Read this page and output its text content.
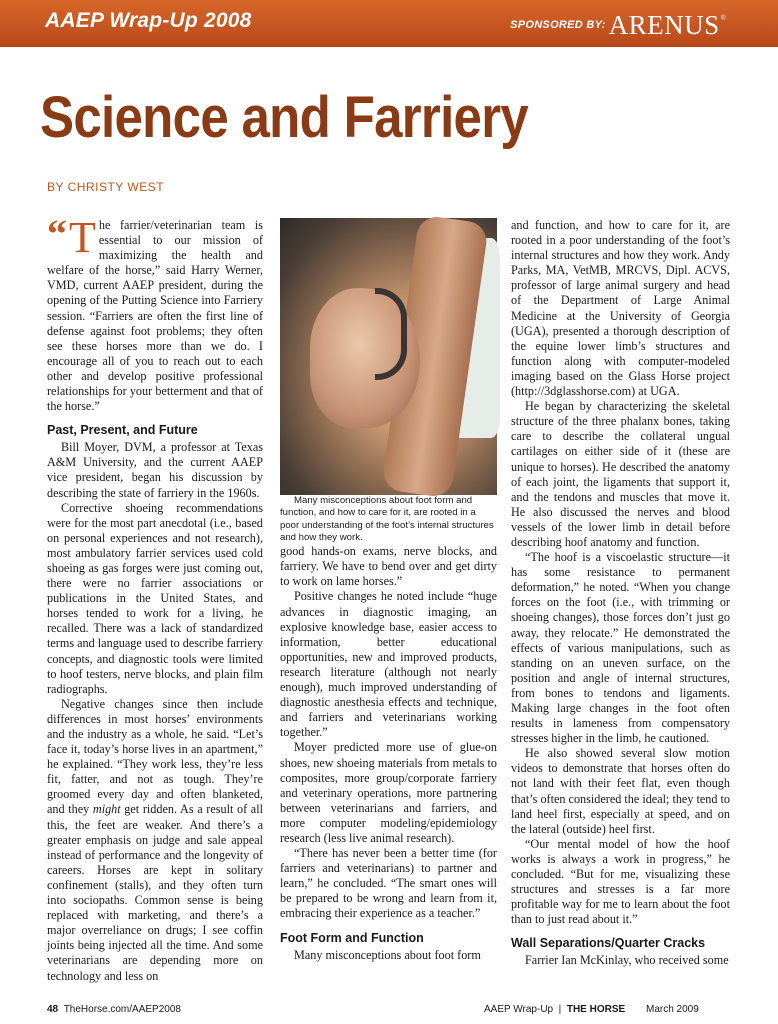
AAEP Wrap-Up 2008	$^{SPONSORED BY:}$ ARENUS®
Science and Farriery
BY CHRISTY WEST

“ T he farrier/veterinarian team is essential to our mission of maximizing the health and welfare of the horse,” said Harry Werner, VMD, current AAEP president, during the opening of the Putting Science into Farriery session. “Farriers are often the first line of defense against foot problems; they often see these horses more than we do. I encourage all of you to reach out to each other and develop positive professional relationships for your betterment and that of the horse.”

Past, Present, and Future

Bill Moyer, DVM, a professor at Texas A&M University, and the current AAEP vice president, began his discussion by describing the state of farriery in the 1960s.

Corrective shoeing recommendations were for the most part anecdotal (i.e., based on personal experiences and not research), most ambulatory farrier services used cold shoeing as gas forges were just coming out, there were no farrier associations or publications in the United States, and horses tended to work for a living, he recalled. There was a lack of standardized terms and language used to describe farriery concepts, and diagnostic tools were limited to hoof testers, nerve blocks, and plain film radiographs.

Negative changes since then include differences in most horses’ environments and the industry as a whole, he said. “Let’s face it, today’s horse lives in an apartment,” he explained. “They work less, they’re less fit, fatter, and not as tough. They’re groomed every day and often blanketed, and they might get ridden. As a result of all this, the feet are weaker. And there’s a greater emphasis on judge and sale appeal instead of performance and the longevity of careers. Horses are kept in solitary confinement (stalls), and they often turn into sociopaths. Common sense is being replaced with marketing, and there’s a major overreliance on drugs; I see coffin joints being injected all the time. And some veterinarians are depending more on technology and less on

PAULA da SILVA

Many misconceptions about foot form and function, and how to care for it, are rooted in a poor understanding of the foot’s internal structures and how they work.

good hands-on exams, nerve blocks, and farriery. We have to bend over and get dirty to work on lame horses.”

Positive changes he noted include “huge advances in diagnostic imaging, an explosive knowledge base, easier access to information, better educational opportunities, new and improved products, research literature (although not nearly enough), much improved understanding of diagnostic anesthesia effects and technique, and farriers and veterinarians working together.”

Moyer predicted more use of glue-on shoes, new shoeing materials from metals to composites, more group/corporate farriery and veterinary operations, more partnering between veterinarians and farriers, and more computer modeling/epidemiology research (less live animal research).

“There has never been a better time (for farriers and veterinarians) to partner and learn,” he concluded. “The smart ones will be prepared to be wrong and learn from it, embracing their experience as a teacher.”

Foot Form and Function

Many misconceptions about foot form

and function, and how to care for it, are rooted in a poor understanding of the foot’s internal structures and how they work. Andy Parks, MA, VetMB, MRCVS, Dipl. ACVS, professor of large animal surgery and head of the Department of Large Animal Medicine at the University of Georgia (UGA), presented a thorough description of the equine lower limb’s structures and function along with computer-modeled imaging based on the Glass Horse project (http://3dglasshorse.com) at UGA.

He began by characterizing the skeletal structure of the three phalanx bones, taking care to describe the collateral ungual cartilages on either side of it (these are unique to horses). He described the anatomy of each joint, the ligaments that support it, and the tendons and muscles that move it. He also discussed the nerves and blood vessels of the lower limb in detail before describing hoof anatomy and function.

“The hoof is a viscoelastic structure—it has some resistance to permanent deformation,” he noted. “When you change forces on the foot (i.e., with trimming or shoeing changes), those forces don’t just go away, they relocate.” He demonstrated the effects of various manipulations, such as standing on an uneven surface, on the position and angle of internal structures, from bones to tendons and ligaments. Making large changes in the foot often results in lameness from compensatory stresses higher in the limb, he cautioned.

He also showed several slow motion videos to demonstrate that horses often do not land with their feet flat, even though that’s often considered the ideal; they tend to land heel first, especially at speed, and on the lateral (outside) heel first.

“Our mental model of how the hoof works is always a work in progress,” he concluded. “But for me, visualizing these structures and stresses is a far more profitable way for me to learn about the foot than to just read about it.”

Wall Separations/Quarter Cracks

Farrier Ian McKinlay, who received some

48 TheHorse.com/AAEP2008	AAEP Wrap-Up | THE HORSE March 2009
